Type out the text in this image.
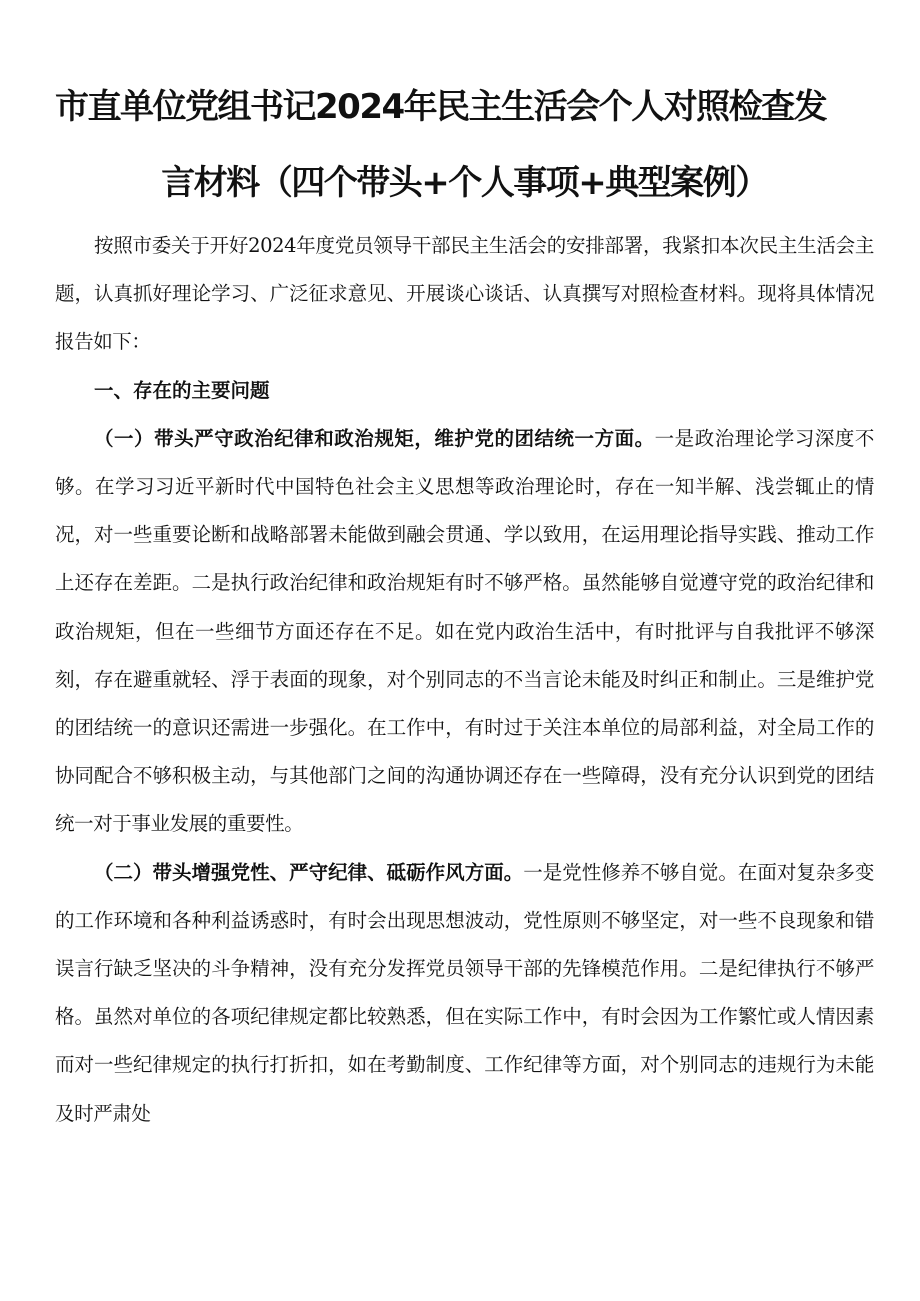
市直单位党组书记2024年民主生活会个人对照检查发
言材料（四个带头+个人事项+典型案例）

按照市委关于开好2024年度党员领导干部民主生活会的安排部署，我紧扣本次民主生活会主题，认真抓好理论学习、广泛征求意见、开展谈心谈话、认真撰写对照检查材料。现将具体情况报告如下：

一、存在的主要问题

（一）带头严守政治纪律和政治规矩，维护党的团结统一方面。一是政治理论学习深度不够。在学习习近平新时代中国特色社会主义思想等政治理论时，存在一知半解、浅尝辄止的情况，对一些重要论断和战略部署未能做到融会贯通、学以致用，在运用理论指导实践、推动工作上还存在差距。二是执行政治纪律和政治规矩有时不够严格。虽然能够自觉遵守党的政治纪律和政治规矩，但在一些细节方面还存在不足。如在党内政治生活中，有时批评与自我批评不够深刻，存在避重就轻、浮于表面的现象，对个别同志的不当言论未能及时纠正和制止。三是维护党的团结统一的意识还需进一步强化。在工作中，有时过于关注本单位的局部利益，对全局工作的协同配合不够积极主动，与其他部门之间的沟通协调还存在一些障碍，没有充分认识到党的团结统一对于事业发展的重要性。

（二）带头增强党性、严守纪律、砥砺作风方面。一是党性修养不够自觉。在面对复杂多变的工作环境和各种利益诱惑时，有时会出现思想波动，党性原则不够坚定，对一些不良现象和错误言行缺乏坚决的斗争精神，没有充分发挥党员领导干部的先锋模范作用。二是纪律执行不够严格。虽然对单位的各项纪律规定都比较熟悉，但在实际工作中，有时会因为工作繁忙或人情因素而对一些纪律规定的执行打折扣，如在考勤制度、工作纪律等方面，对个别同志的违规行为未能及时严肃处
